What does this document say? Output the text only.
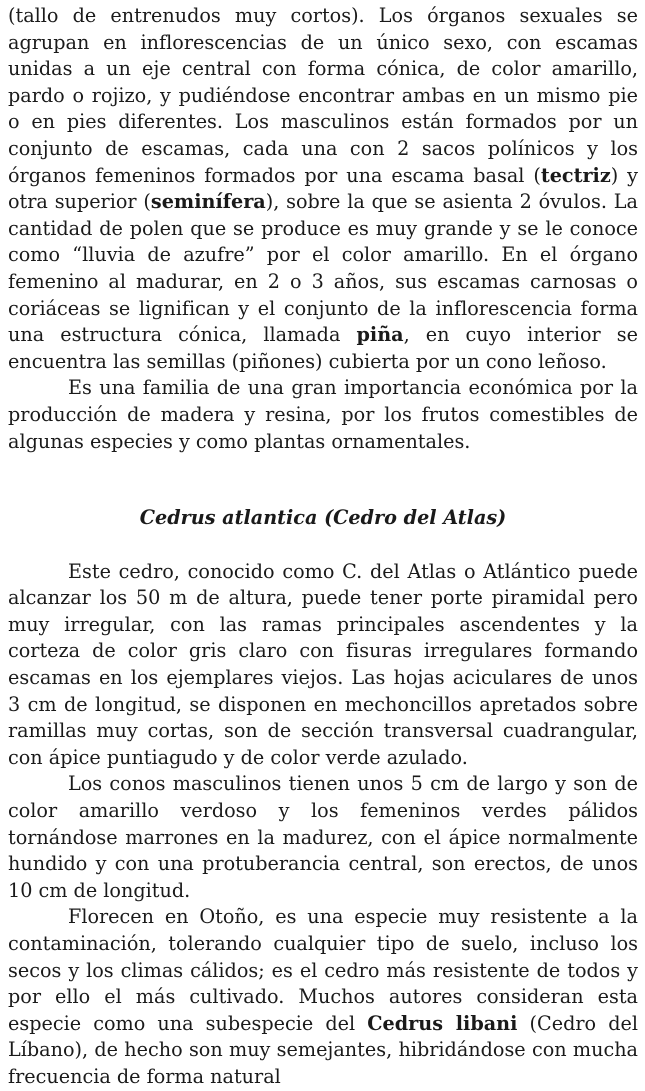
(tallo de entrenudos muy cortos). Los órganos sexuales se agrupan en inflorescencias de un único sexo, con escamas unidas a un eje central con forma cónica, de color amarillo, pardo o rojizo, y pudiéndose encontrar ambas en un mismo pie o en pies diferentes. Los masculinos están formados por un conjunto de escamas, cada una con 2 sacos polínicos y los órganos femeninos formados por una escama basal (tectriz) y otra superior (seminífera), sobre la que se asienta 2 óvulos. La cantidad de polen que se produce es muy grande y se le conoce como “lluvia de azufre” por el color amarillo. En el órgano femenino al madurar, en 2 o 3 años, sus escamas carnosas o coriáceas se lignifican y el conjunto de la inflorescencia forma una estructura cónica, llamada piña, en cuyo interior se encuentra las semillas (piñones) cubierta por un cono leñoso.

Es una familia de una gran importancia económica por la producción de madera y resina, por los frutos comestibles de algunas especies y como plantas ornamentales.

Cedrus atlantica (Cedro del Atlas)

Este cedro, conocido como C. del Atlas o Atlántico puede alcanzar los 50 m de altura, puede tener porte piramidal pero muy irregular, con las ramas principales ascendentes y la corteza de color gris claro con fisuras irregulares formando escamas en los ejemplares viejos. Las hojas aciculares de unos 3 cm de longitud, se disponen en mechoncillos apretados sobre ramillas muy cortas, son de sección transversal cuadrangular, con ápice puntiagudo y de color verde azulado.

Los conos masculinos tienen unos 5 cm de largo y son de color amarillo verdoso y los femeninos verdes pálidos tornándose marrones en la madurez, con el ápice normalmente hundido y con una protuberancia central, son erectos, de unos 10 cm de longitud.

Florecen en Otoño, es una especie muy resistente a la contaminación, tolerando cualquier tipo de suelo, incluso los secos y los climas cálidos; es el cedro más resistente de todos y por ello el más cultivado. Muchos autores consideran esta especie como una subespecie del Cedrus libani (Cedro del Líbano), de hecho son muy semejantes, hibridándose con mucha frecuencia de forma natural
